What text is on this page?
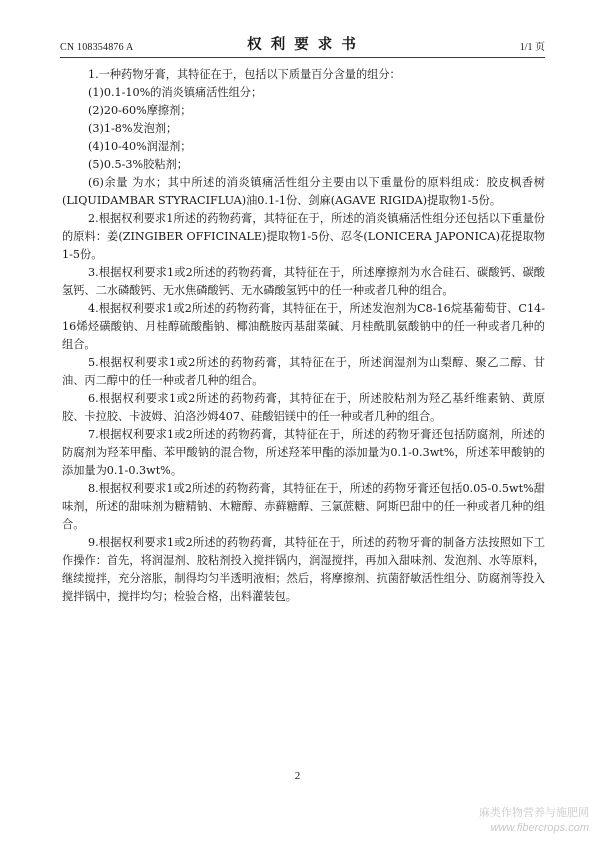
CN 108354876 A	权 利 要 求 书	1/1 页

1.一种药物牙膏，其特征在于，包括以下质量百分含量的组分：

(1)0.1-10%的消炎镇痛活性组分；

(2)20-60%摩擦剂；

(3)1-8%发泡剂；

(4)10-40%润湿剂；

(5)0.5-3%胶粘剂；

(6)余量 为水；其中所述的消炎镇痛活性组分主要由以下重量份的原料组成：胶皮枫香树(LIQUIDAMBAR STYRACIFLUA)油0.1-1份、剑麻(AGAVE RIGIDA)提取物1-5份。

2.根据权利要求1所述的药物药膏，其特征在于，所述的消炎镇痛活性组分还包括以下重量份的原料：姜(ZINGIBER OFFICINALE)提取物1-5份、忍冬(LONICERA JAPONICA)花提取物1-5份。

3.根据权利要求1或2所述的药物药膏，其特征在于，所述摩擦剂为水合硅石、碳酸钙、碳酸氢钙、二水磷酸钙、无水焦磷酸钙、无水磷酸氢钙中的任一种或者几种的组合。

4.根据权利要求1或2所述的药物药膏，其特征在于，所述发泡剂为C8-16烷基葡萄苷、C14-16烯烃磺酸钠、月桂醇硫酸酯钠、椰油酰胺丙基甜菜碱、月桂酰肌氨酸钠中的任一种或者几种的组合。

5.根据权利要求1或2所述的药物药膏，其特征在于，所述润湿剂为山梨醇、聚乙二醇、甘油、丙二醇中的任一种或者几种的组合。

6.根据权利要求1或2所述的药物药膏，其特征在于，所述胶粘剂为羟乙基纤维素钠、黄原胶、卡拉胶、卡波姆、泊洛沙姆407、硅酸铝镁中的任一种或者几种的组合。

7.根据权利要求1或2所述的药物药膏，其特征在于，所述的药物牙膏还包括防腐剂，所述的防腐剂为羟苯甲酯、苯甲酸钠的混合物，所述羟苯甲酯的添加量为0.1-0.3wt%，所述苯甲酸钠的添加量为0.1-0.3wt%。

8.根据权利要求1或2所述的药物药膏，其特征在于，所述的药物牙膏还包括0.05-0.5wt%甜味剂，所述的甜味剂为糖精钠、木糖醇、赤藓糖醇、三氯蔗糖、阿斯巴甜中的任一种或者几种的组合。

9.根据权利要求1或2所述的药物药膏，其特征在于，所述的药物牙膏的制备方法按照如下工作操作：首先，将润湿剂、胶粘剂投入搅拌锅内，润湿搅拌，再加入甜味剂、发泡剂、水等原料，继续搅拌，充分溶胀，制得均匀半透明液相；然后，将摩擦剂、抗菌舒敏活性组分、防腐剂等投入搅拌锅中，搅拌均匀；检验合格，出料灌装包。

2
麻类作物营养与施肥网
www.fibercrops.com
